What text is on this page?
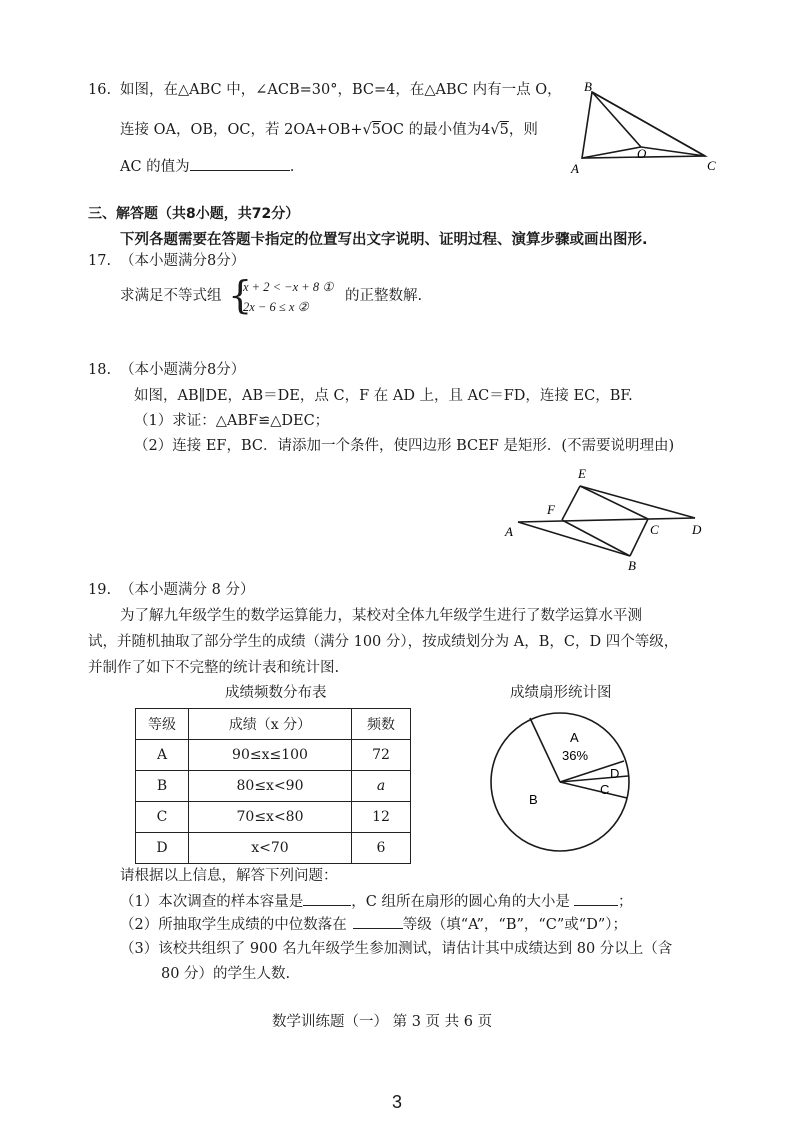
16. 如图，在△ABC 中，∠ACB=30°，BC=4，在△ABC 内有一点 O，
连接 OA，OB，OC，若 2OA+OB+√5OC 的最小值为4√5，则
AC 的值为	.
B
A
O
C
三、解答题（共8小题，共72分）
下列各题需要在答题卡指定的位置写出文字说明、证明过程、演算步骤或画出图形.
17. （本小题满分8分）
求满足不等式组 {
x + 2 < −x + 8 ①
2x − 6 ≤ x ②
的正整数解.
18. （本小题满分8分）
如图，AB∥DE，AB＝DE，点 C，F 在 AD 上，且 AC＝FD，连接 EC，BF.
（1）求证：△ABF≌△DEC；
（2）连接 EF，BC．请添加一个条件，使四边形 BCEF 是矩形．(不需要说明理由)
E
F
A	C	D
B
19. （本小题满分 8 分）
为了解九年级学生的数学运算能力，某校对全体九年级学生进行了数学运算水平测
试，并随机抽取了部分学生的成绩（满分 100 分），按成绩划分为 A，B，C，D 四个等级，
并制作了如下不完整的统计表和统计图.
成绩频数分布表
等级	成绩（x 分）	频数
A	90≤x≤100	72
B	80≤x<90	a
C	70≤x<80	12
D	x<70	6
成绩扇形统计图
A
36%
D
C
B
请根据以上信息，解答下列问题：
（1）本次调查的样本容量是	，C 组所在扇形的圆心角的大小是	；
（2）所抽取学生成绩的中位数落在	等级（填“A”，“B”，“C”或“D”）；
（3）该校共组织了 900 名九年级学生参加测试，请估计其中成绩达到 80 分以上（含
80 分）的学生人数.
数学训练题（一） 第 3 页 共 6 页
3
